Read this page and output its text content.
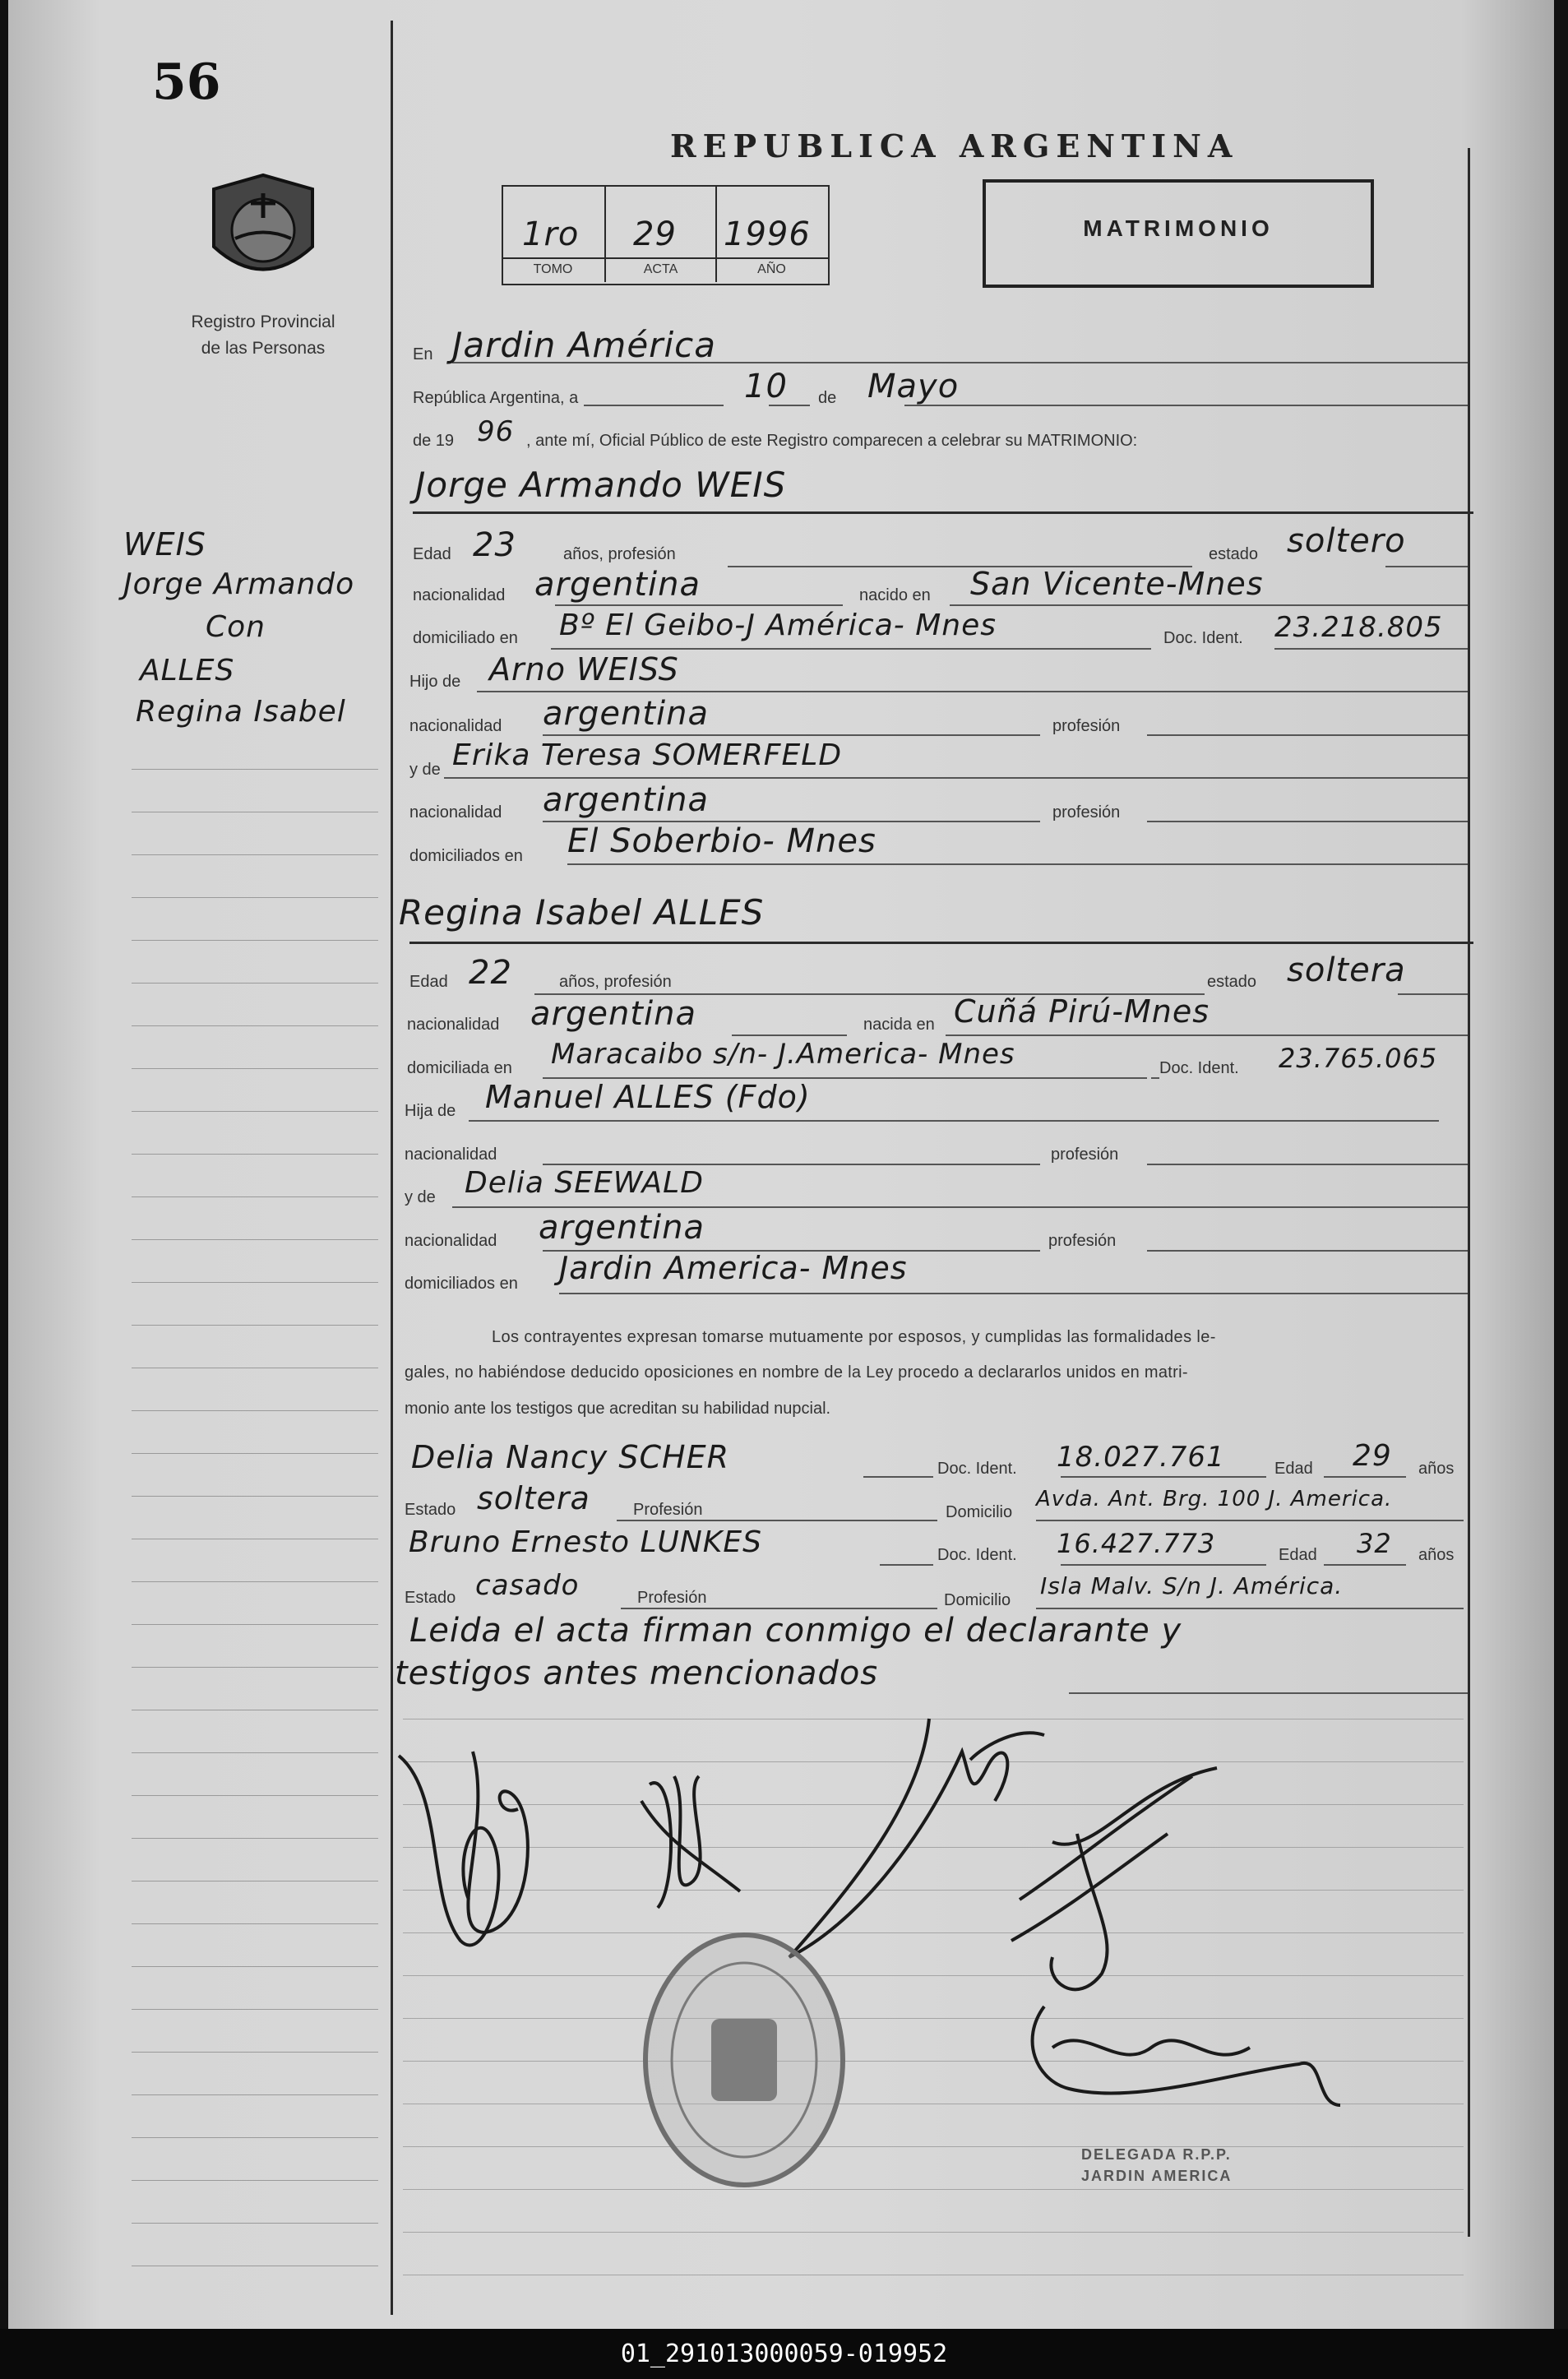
56
Registro Provincial
de las Personas
WEIS
Jorge Armando
Con
ALLES
Regina Isabel
REPUBLICA ARGENTINA
1ro 29 1996
TOMO	ACTA	AÑO
MATRIMONIO
En Jardin América
República Argentina, a	10 de Mayo
de 19 96 , ante mí, Oficial Público de este Registro comparecen a celebrar su MATRIMONIO:
Jorge Armando WEIS
Edad 23	años, profesión	estado soltero
nacionalidad argentina	nacido en San Vicente-Mnes
domiciliado en Bº El Geibo-J América- Mnes	Doc. Ident. 23.218.805
Hijo de Arno WEISS
nacionalidad argentina	profesión
y de Erika Teresa SOMERFELD
nacionalidad argentina	profesión
domiciliados en El Soberbio- Mnes
Regina Isabel ALLES
Edad 22	años, profesión	estado soltera
nacionalidad argentina	nacida en Cuñá Pirú-Mnes
domiciliada en Maracaibo s/n- J.America- Mnes	Doc. Ident. 23.765.065
Hija de Manuel ALLES (Fdo)
nacionalidad	profesión
y de Delia SEEWALD
nacionalidad argentina	profesión
domiciliados en Jardin America- Mnes
Los contrayentes expresan tomarse mutuamente por esposos, y cumplidas las formalidades le-
gales, no habiéndose deducido oposiciones en nombre de la Ley procedo a declararlos unidos en matri-
monio ante los testigos que acreditan su habilidad nupcial.
Delia Nancy SCHER	Doc. Ident. 18.027.761	Edad 29 años
Estado soltera	Profesión	Domicilio
Avda. Ant. Brg. 100 J. America.
Bruno Ernesto LUNKES	Doc. Ident. 16.427.773	Edad 32 años
Estado casado	Profesión	Domicilio
Isla Malv. S/n J. América.
Leida el acta firman conmigo el declarante y
testigos antes mencionados
DELEGADA R.P.P.
JARDIN AMERICA
01_291013000059-019952
